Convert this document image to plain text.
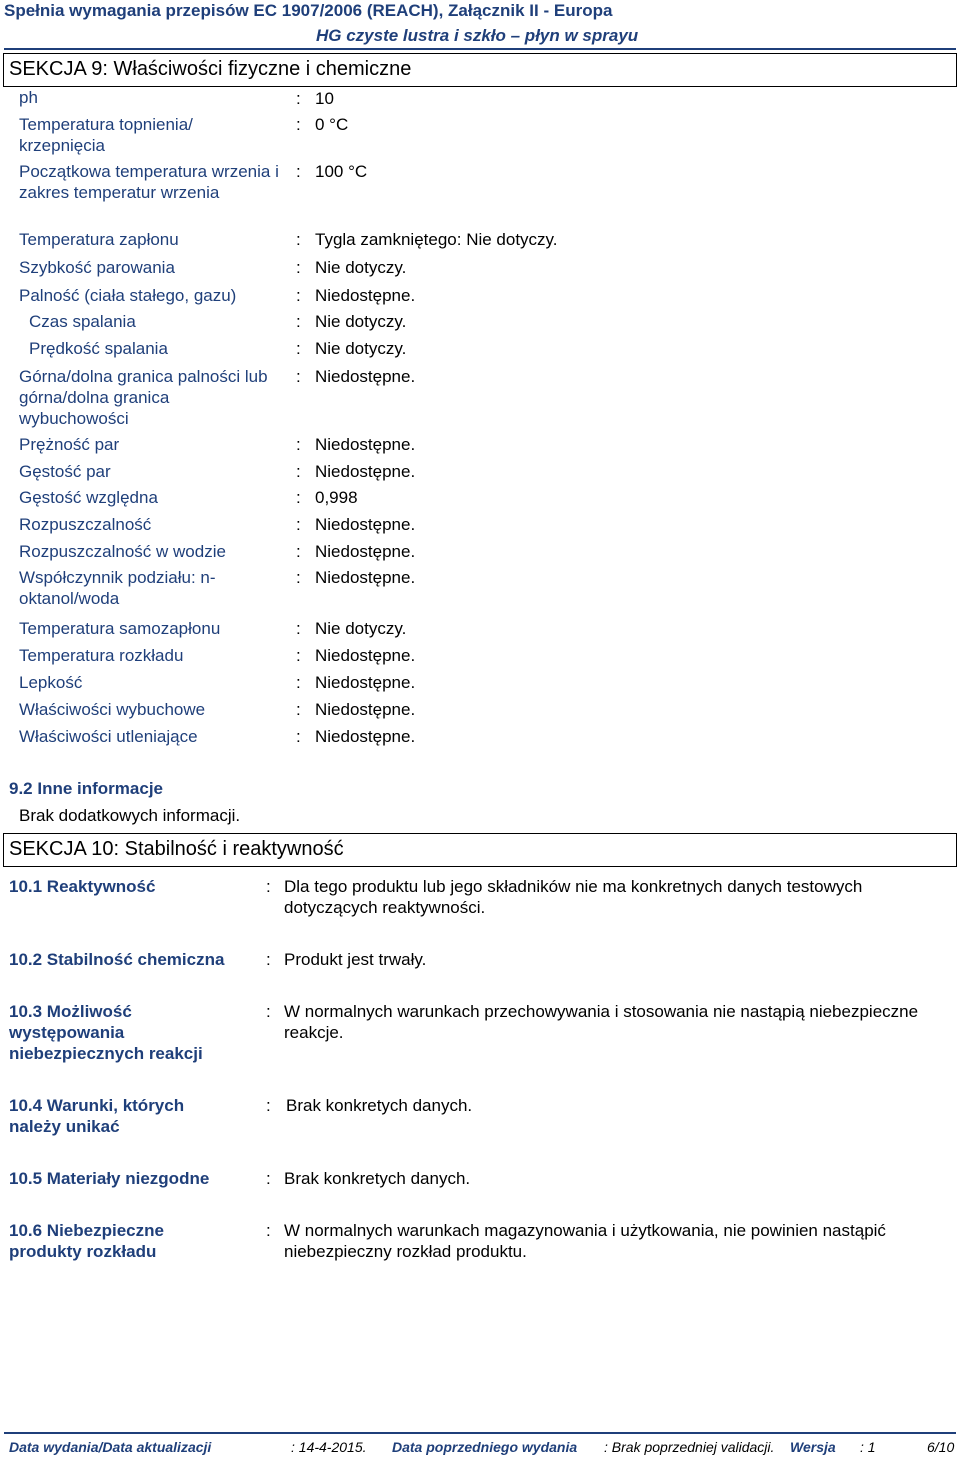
Spełnia wymagania przepisów EC 1907/2006 (REACH), Załącznik II - Europa
HG czyste lustra i szkło – płyn w sprayu
SEKCJA 9: Właściwości fizyczne i chemiczne
ph	: 10
Temperatura topnienia/ krzepnięcia
: 0 °C
Początkowa temperatura wrzenia i zakres temperatur wrzenia
: 100 °C
Temperatura zapłonu	: Tygla zamkniętego: Nie dotyczy.
Szybkość parowania	: Nie dotyczy.
Palność (ciała stałego, gazu)	: Niedostępne.
Czas spalania	: Nie dotyczy.
Prędkość spalania	: Nie dotyczy.
Górna/dolna granica palności lub górna/dolna granica wybuchowości
: Niedostępne.
Prężność par	: Niedostępne.
Gęstość par	: Niedostępne.
Gęstość względna	: 0,998
Rozpuszczalność	: Niedostępne.
Rozpuszczalność w wodzie	: Niedostępne.
Współczynnik podziału: n-oktanol/woda
: Niedostępne.
Temperatura samozapłonu	: Nie dotyczy.
Temperatura rozkładu	: Niedostępne.
Lepkość	: Niedostępne.
Właściwości wybuchowe	: Niedostępne.
Właściwości utleniające	: Niedostępne.
9.2 Inne informacje
Brak dodatkowych informacji.
SEKCJA 10: Stabilność i reaktywność
10.1 Reaktywność	: Dla tego produktu lub jego składników nie ma konkretnych danych testowych dotyczących reaktywności.
10.2 Stabilność chemiczna	: Produkt jest trwały.
10.3 Możliwość występowania niebezpiecznych reakcji
: W normalnych warunkach przechowywania i stosowania nie nastąpią niebezpieczne reakcje.
10.4 Warunki, których należy unikać
: Brak konkretych danych.
10.5 Materiały niezgodne	: Brak konkretych danych.
10.6 Niebezpieczne produkty rozkładu
: W normalnych warunkach magazynowania i użytkowania, nie powinien nastąpić niebezpieczny rozkład produktu.
Data wydania/Data aktualizacji	: 14-4-2015. Data poprzedniego wydania : Brak poprzedniej validacji. Wersja : 1	6/10
